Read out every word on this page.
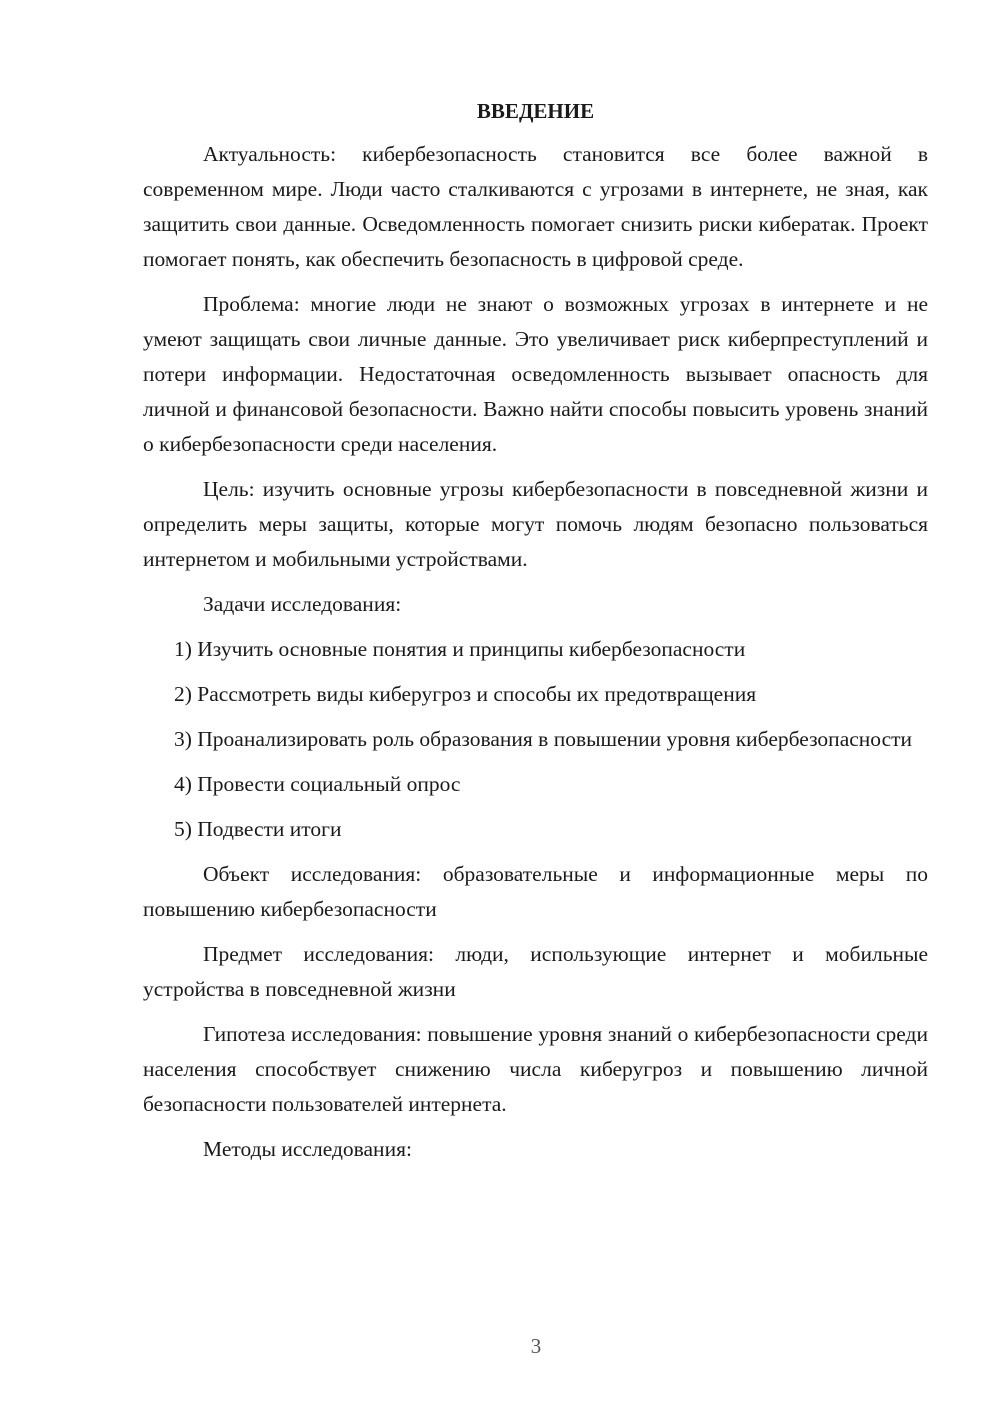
ВВЕДЕНИЕ

Актуальность: кибербезопасность становится все более важной в современном мире. Люди часто сталкиваются с угрозами в интернете, не зная, как защитить свои данные. Осведомленность помогает снизить риски кибератак. Проект помогает понять, как обеспечить безопасность в цифровой среде.

Проблема: многие люди не знают о возможных угрозах в интернете и не умеют защищать свои личные данные. Это увеличивает риск киберпреступлений и потери информации. Недостаточная осведомленность вызывает опасность для личной и финансовой безопасности. Важно найти способы повысить уровень знаний о кибербезопасности среди населения.

Цель: изучить основные угрозы кибербезопасности в повседневной жизни и определить меры защиты, которые могут помочь людям безопасно пользоваться интернетом и мобильными устройствами.

Задачи исследования:

1) Изучить основные понятия и принципы кибербезопасности

2) Рассмотреть виды киберугроз и способы их предотвращения

3) Проанализировать роль образования в повышении уровня кибербезопасности

4) Провести социальный опрос

5) Подвести итоги

Объект исследования: образовательные и информационные меры по повышению кибербезопасности

Предмет исследования: люди, использующие интернет и мобильные устройства в повседневной жизни

Гипотеза исследования: повышение уровня знаний о кибербезопасности среди населения способствует снижению числа киберугроз и повышению личной безопасности пользователей интернета.

Методы исследования:

3
